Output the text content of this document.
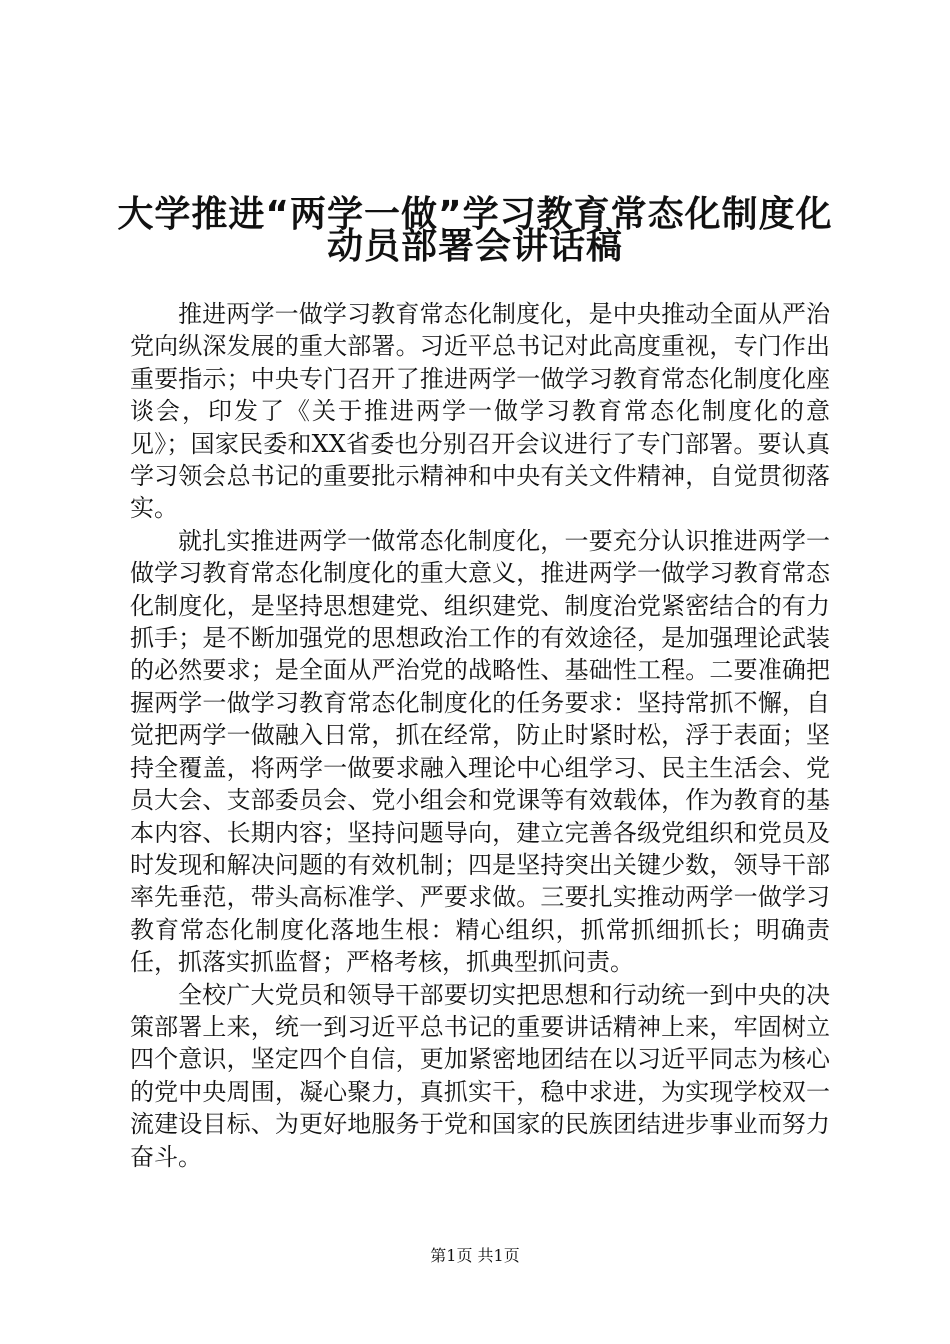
大学推进“两学一做”学习教育常态化制度化
动员部署会讲话稿

推进两学一做学习教育常态化制度化，是中央推动全面从严治党向纵深发展的重大部署。习近平总书记对此高度重视，专门作出重要指示；中央专门召开了推进两学一做学习教育常态化制度化座谈会，印发了《关于推进两学一做学习教育常态化制度化的意见》；国家民委和XX省委也分别召开会议进行了专门部署。要认真学习领会总书记的重要批示精神和中央有关文件精神，自觉贯彻落实。

就扎实推进两学一做常态化制度化，一要充分认识推进两学一做学习教育常态化制度化的重大意义，推进两学一做学习教育常态化制度化，是坚持思想建党、组织建党、制度治党紧密结合的有力抓手；是不断加强党的思想政治工作的有效途径，是加强理论武装的必然要求；是全面从严治党的战略性、基础性工程。二要准确把握两学一做学习教育常态化制度化的任务要求：坚持常抓不懈，自觉把两学一做融入日常，抓在经常，防止时紧时松，浮于表面；坚持全覆盖，将两学一做要求融入理论中心组学习、民主生活会、党员大会、支部委员会、党小组会和党课等有效载体，作为教育的基本内容、长期内容；坚持问题导向，建立完善各级党组织和党员及时发现和解决问题的有效机制；四是坚持突出关键少数，领导干部率先垂范，带头高标准学、严要求做。三要扎实推动两学一做学习教育常态化制度化落地生根：精心组织，抓常抓细抓长；明确责任，抓落实抓监督；严格考核，抓典型抓问责。

全校广大党员和领导干部要切实把思想和行动统一到中央的决策部署上来，统一到习近平总书记的重要讲话精神上来，牢固树立四个意识，坚定四个自信，更加紧密地团结在以习近平同志为核心的党中央周围，凝心聚力，真抓实干，稳中求进，为实现学校双一流建设目标、为更好地服务于党和国家的民族团结进步事业而努力奋斗。

第1页 共1页
